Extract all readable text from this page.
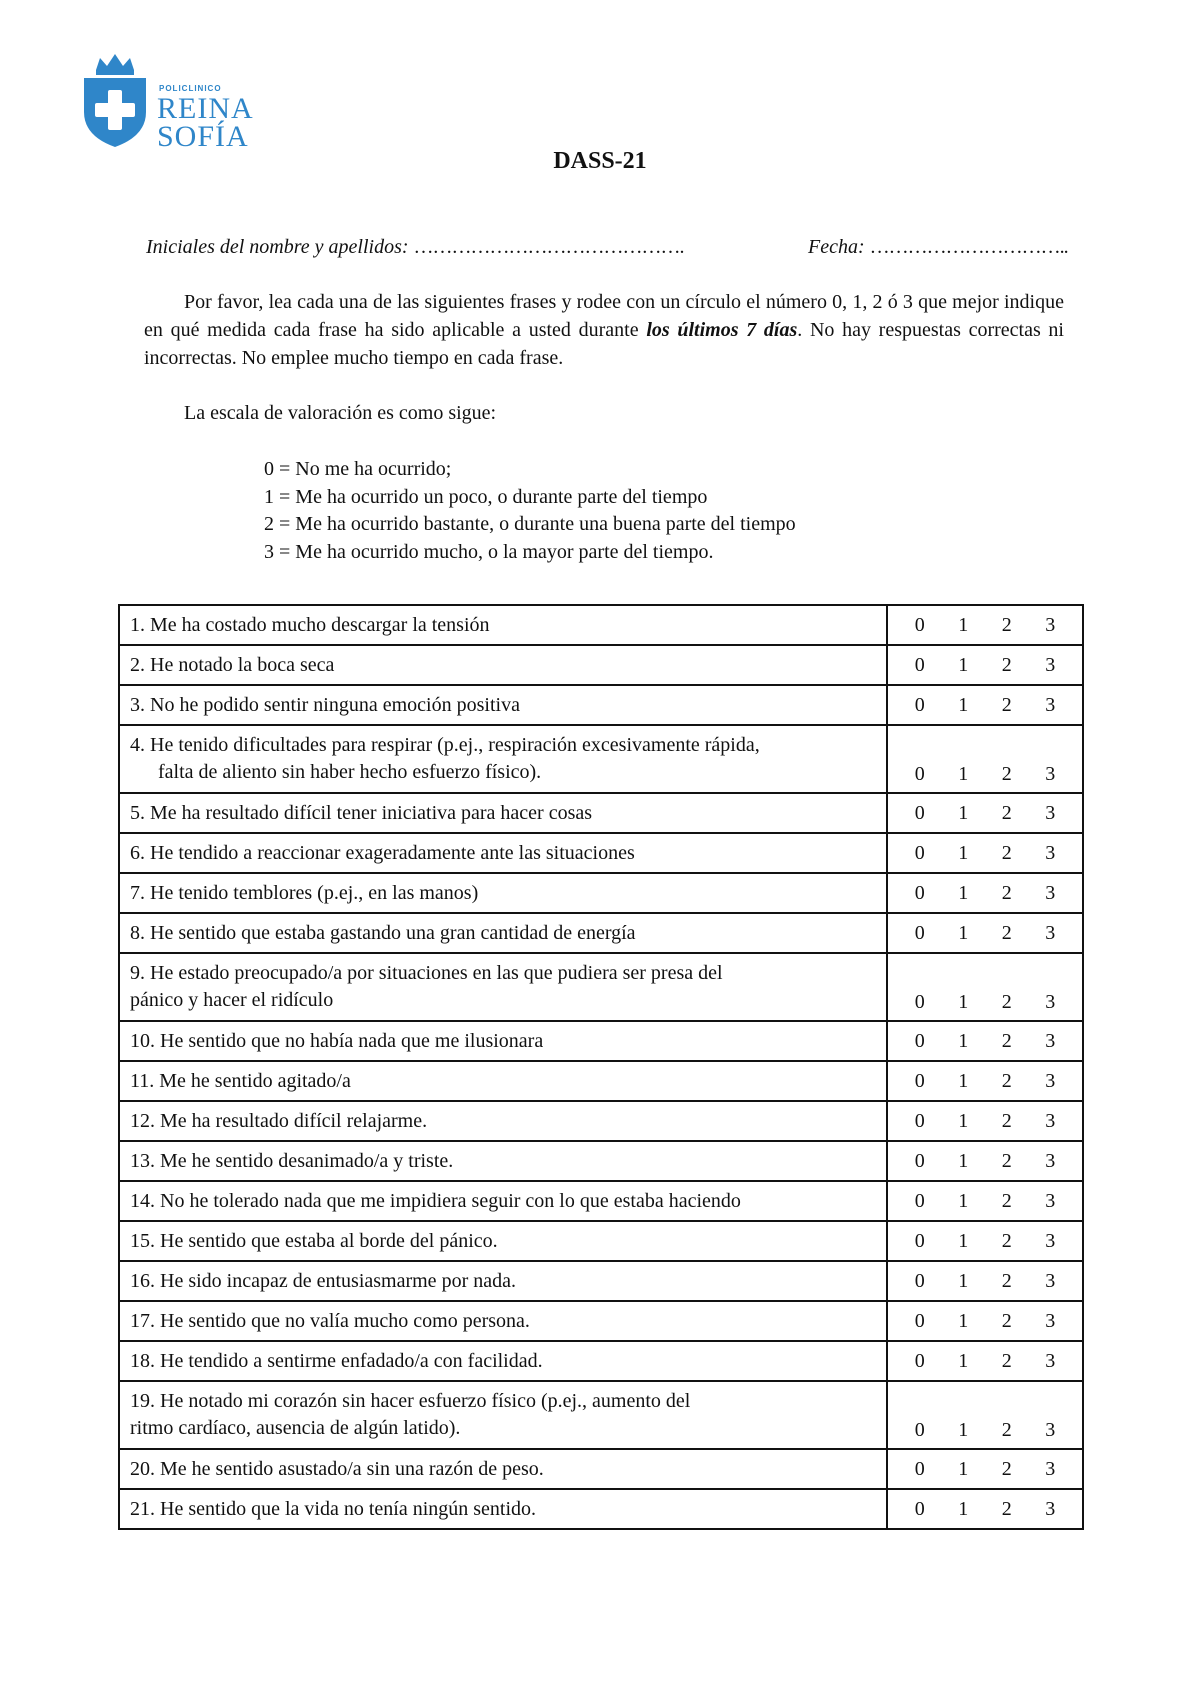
POLICLINICO
REINA
SOFÍA
DASS-21
Iniciales del nombre y apellidos: …………………………………….	Fecha: …………………………..

Por favor, lea cada una de las siguientes frases y rodee con un círculo el número 0, 1, 2 ó 3 que mejor indique en qué medida cada frase ha sido aplicable a usted durante los últimos 7 días. No hay respuestas correctas ni incorrectas. No emplee mucho tiempo en cada frase.

La escala de valoración es como sigue:
0 = No me ha ocurrido;
1 = Me ha ocurrido un poco, o durante parte del tiempo
2 = Me ha ocurrido bastante, o durante una buena parte del tiempo
3 = Me ha ocurrido mucho, o la mayor parte del tiempo.
1. Me ha costado mucho descargar la tensión	0 1 2 3

2. He notado la boca seca	0 1 2 3

3. No he podido sentir ninguna emoción positiva	0 1 2 3

4. He tenido dificultades para respirar (p.ej., respiración excesivamente rápida,
falta de aliento sin haber hecho esfuerzo físico).	0 1 2 3

5. Me ha resultado difícil tener iniciativa para hacer cosas	0 1 2 3

6. He tendido a reaccionar exageradamente ante las situaciones	0 1 2 3

7. He tenido temblores (p.ej., en las manos)	0 1 2 3

8. He sentido que estaba gastando una gran cantidad de energía	0 1 2 3

9. He estado preocupado/a por situaciones en las que pudiera ser presa del
pánico y hacer el ridículo	0 1 2 3

10. He sentido que no había nada que me ilusionara	0 1 2 3

11. Me he sentido agitado/a	0 1 2 3

12. Me ha resultado difícil relajarme.	0 1 2 3

13. Me he sentido desanimado/a y triste.	0 1 2 3

14. No he tolerado nada que me impidiera seguir con lo que estaba haciendo	0 1 2 3

15. He sentido que estaba al borde del pánico.	0 1 2 3

16. He sido incapaz de entusiasmarme por nada.	0 1 2 3

17. He sentido que no valía mucho como persona.	0 1 2 3

18. He tendido a sentirme enfadado/a con facilidad.	0 1 2 3

19. He notado mi corazón sin hacer esfuerzo físico (p.ej., aumento del
ritmo cardíaco, ausencia de algún latido).	0 1 2 3

20. Me he sentido asustado/a sin una razón de peso.	0 1 2 3

21. He sentido que la vida no tenía ningún sentido.	0 1 2 3
